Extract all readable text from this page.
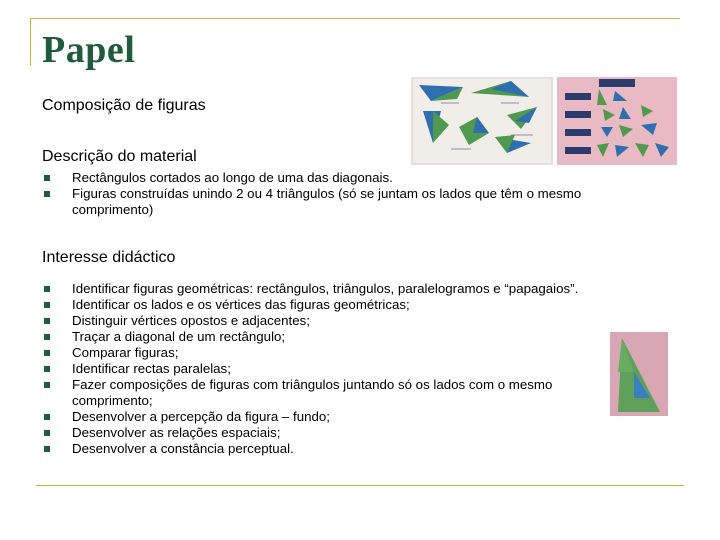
Papel
Composição de figuras
Descrição do material
Rectângulos cortados ao longo de uma das diagonais.
Figuras construídas unindo 2 ou 4 triângulos (só se juntam os lados que têm o mesmo comprimento)
Interesse didáctico
Identificar figuras geométricas: rectângulos, triângulos, paralelogramos e “papagaios”.
Identificar os lados e os vértices das figuras geométricas;
Distinguir vértices opostos e adjacentes;
Traçar a diagonal de um rectângulo;
Comparar figuras;
Identificar rectas paralelas;
Fazer composições de figuras com triângulos juntando só os lados com o mesmo comprimento;
Desenvolver a percepção da figura – fundo;
Desenvolver as relações espaciais;
Desenvolver a constância perceptual.
